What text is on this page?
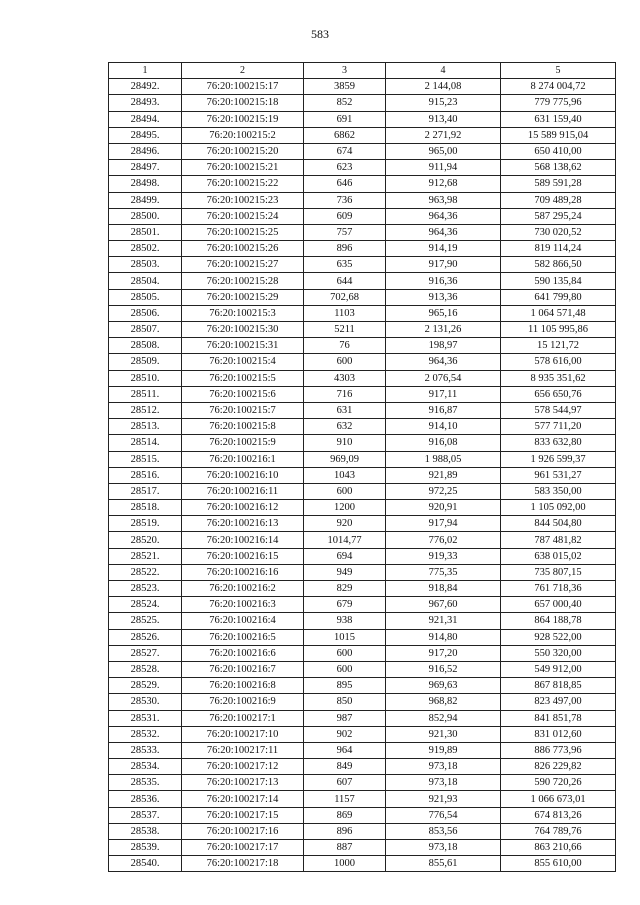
583
1	2	3	4	5
28492.	76:20:100215:17	3859	2 144,08	8 274 004,72
28493.	76:20:100215:18	852	915,23	779 775,96
28494.	76:20:100215:19	691	913,40	631 159,40
28495.	76:20:100215:2	6862	2 271,92	15 589 915,04
28496.	76:20:100215:20	674	965,00	650 410,00
28497.	76:20:100215:21	623	911,94	568 138,62
28498.	76:20:100215:22	646	912,68	589 591,28
28499.	76:20:100215:23	736	963,98	709 489,28
28500.	76:20:100215:24	609	964,36	587 295,24
28501.	76:20:100215:25	757	964,36	730 020,52
28502.	76:20:100215:26	896	914,19	819 114,24
28503.	76:20:100215:27	635	917,90	582 866,50
28504.	76:20:100215:28	644	916,36	590 135,84
28505.	76:20:100215:29	702,68	913,36	641 799,80
28506.	76:20:100215:3	1103	965,16	1 064 571,48
28507.	76:20:100215:30	5211	2 131,26	11 105 995,86
28508.	76:20:100215:31	76	198,97	15 121,72
28509.	76:20:100215:4	600	964,36	578 616,00
28510.	76:20:100215:5	4303	2 076,54	8 935 351,62
28511.	76:20:100215:6	716	917,11	656 650,76
28512.	76:20:100215:7	631	916,87	578 544,97
28513.	76:20:100215:8	632	914,10	577 711,20
28514.	76:20:100215:9	910	916,08	833 632,80
28515.	76:20:100216:1	969,09	1 988,05	1 926 599,37
28516.	76:20:100216:10	1043	921,89	961 531,27
28517.	76:20:100216:11	600	972,25	583 350,00
28518.	76:20:100216:12	1200	920,91	1 105 092,00
28519.	76:20:100216:13	920	917,94	844 504,80
28520.	76:20:100216:14	1014,77	776,02	787 481,82
28521.	76:20:100216:15	694	919,33	638 015,02
28522.	76:20:100216:16	949	775,35	735 807,15
28523.	76:20:100216:2	829	918,84	761 718,36
28524.	76:20:100216:3	679	967,60	657 000,40
28525.	76:20:100216:4	938	921,31	864 188,78
28526.	76:20:100216:5	1015	914,80	928 522,00
28527.	76:20:100216:6	600	917,20	550 320,00
28528.	76:20:100216:7	600	916,52	549 912,00
28529.	76:20:100216:8	895	969,63	867 818,85
28530.	76:20:100216:9	850	968,82	823 497,00
28531.	76:20:100217:1	987	852,94	841 851,78
28532.	76:20:100217:10	902	921,30	831 012,60
28533.	76:20:100217:11	964	919,89	886 773,96
28534.	76:20:100217:12	849	973,18	826 229,82
28535.	76:20:100217:13	607	973,18	590 720,26
28536.	76:20:100217:14	1157	921,93	1 066 673,01
28537.	76:20:100217:15	869	776,54	674 813,26
28538.	76:20:100217:16	896	853,56	764 789,76
28539.	76:20:100217:17	887	973,18	863 210,66
28540.	76:20:100217:18	1000	855,61	855 610,00
